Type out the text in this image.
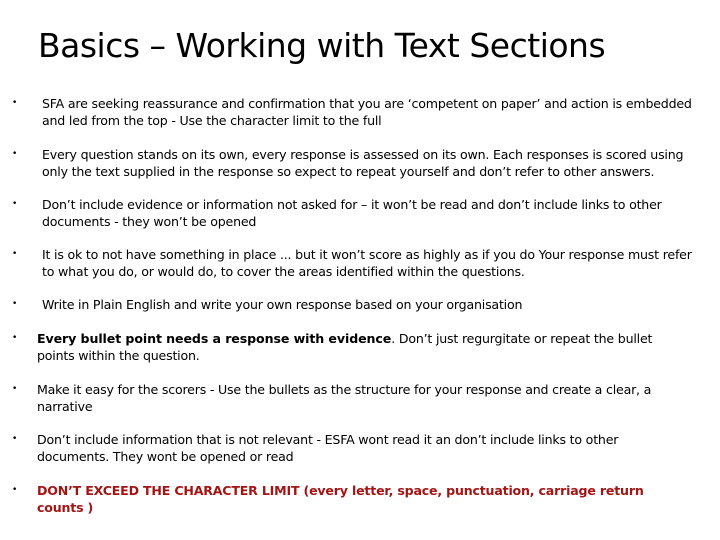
Basics – Working with Text Sections
•	SFA are seeking reassurance and confirmation that you are ‘competent on paper’ and action is embedded and led from the top - Use the character limit to the full
•	Every question stands on its own, every response is assessed on its own. Each responses is scored using only the text supplied in the response so expect to repeat yourself and don’t refer to other answers.
•	Don’t include evidence or information not asked for – it won’t be read and don’t include links to other documents - they won’t be opened
•	It is ok to not have something in place ... but it won’t score as highly as if you do Your response must refer to what you do, or would do, to cover the areas identified within the questions.
•	Write in Plain English and write your own response based on your organisation
•	Every bullet point needs a response with evidence. Don’t just regurgitate or repeat the bullet points within the question.
•	Make it easy for the scorers - Use the bullets as the structure for your response and create a clear, a narrative
•	Don’t include information that is not relevant - ESFA wont read it an don’t include links to other documents. They wont be opened or read
•	DON’T EXCEED THE CHARACTER LIMIT (every letter, space, punctuation, carriage return counts )
